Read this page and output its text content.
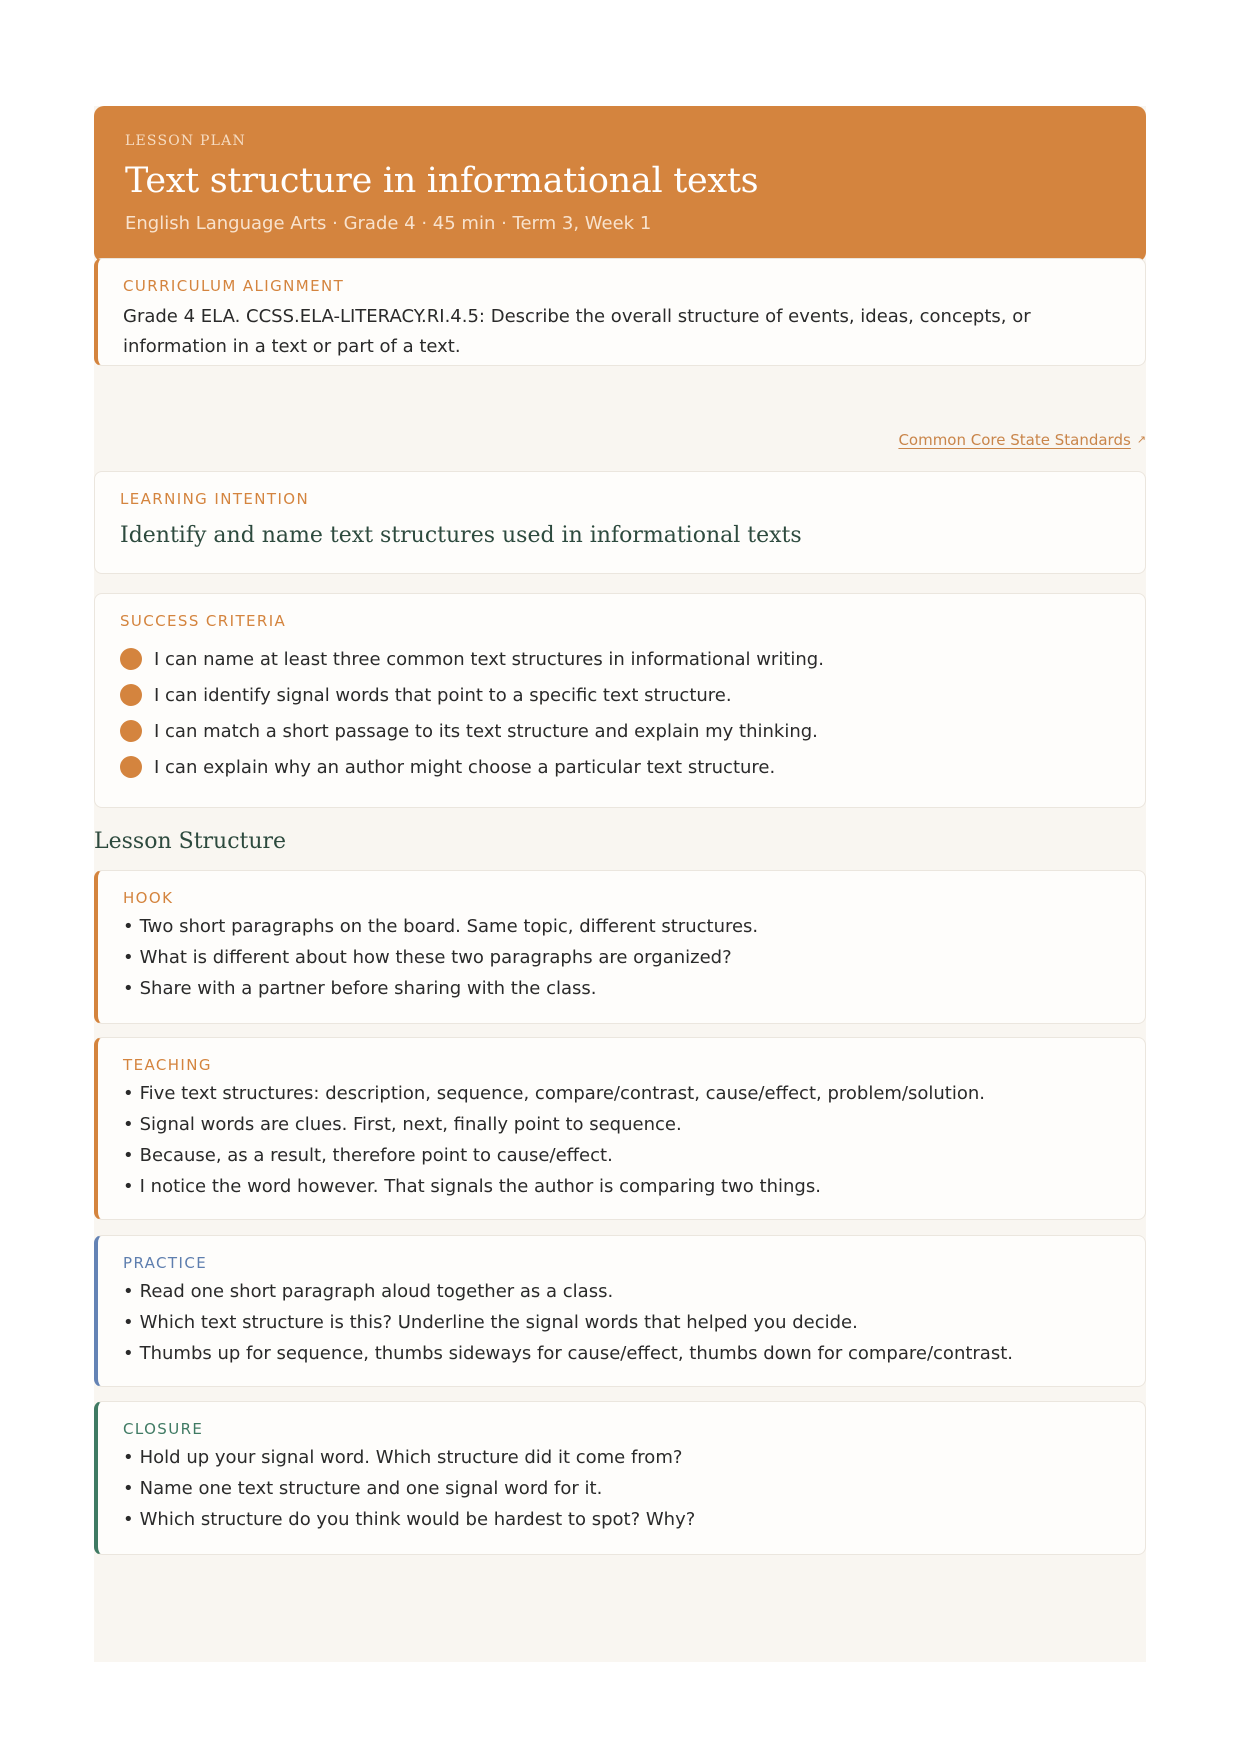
LESSON PLAN
Text structure in informational texts
English Language Arts · Grade 4 · 45 min · Term 3, Week 1
CURRICULUM ALIGNMENT
Grade 4 ELA. CCSS.ELA-LITERACY.RI.4.5: Describe the overall structure of events, ideas, concepts, or information in a text or part of a text.
Common Core State Standards ↗
LEARNING INTENTION
Identify and name text structures used in informational texts
SUCCESS CRITERIA
I can name at least three common text structures in informational writing.
I can identify signal words that point to a specific text structure.
I can match a short passage to its text structure and explain my thinking.
I can explain why an author might choose a particular text structure.
Lesson Structure
HOOK
• Two short paragraphs on the board. Same topic, different structures.
• What is different about how these two paragraphs are organized?
• Share with a partner before sharing with the class.
TEACHING
• Five text structures: description, sequence, compare/contrast, cause/effect, problem/solution.
• Signal words are clues. First, next, finally point to sequence.
• Because, as a result, therefore point to cause/effect.
• I notice the word however. That signals the author is comparing two things.
PRACTICE
• Read one short paragraph aloud together as a class.
• Which text structure is this? Underline the signal words that helped you decide.
• Thumbs up for sequence, thumbs sideways for cause/effect, thumbs down for compare/contrast.
CLOSURE
• Hold up your signal word. Which structure did it come from?
• Name one text structure and one signal word for it.
• Which structure do you think would be hardest to spot? Why?
